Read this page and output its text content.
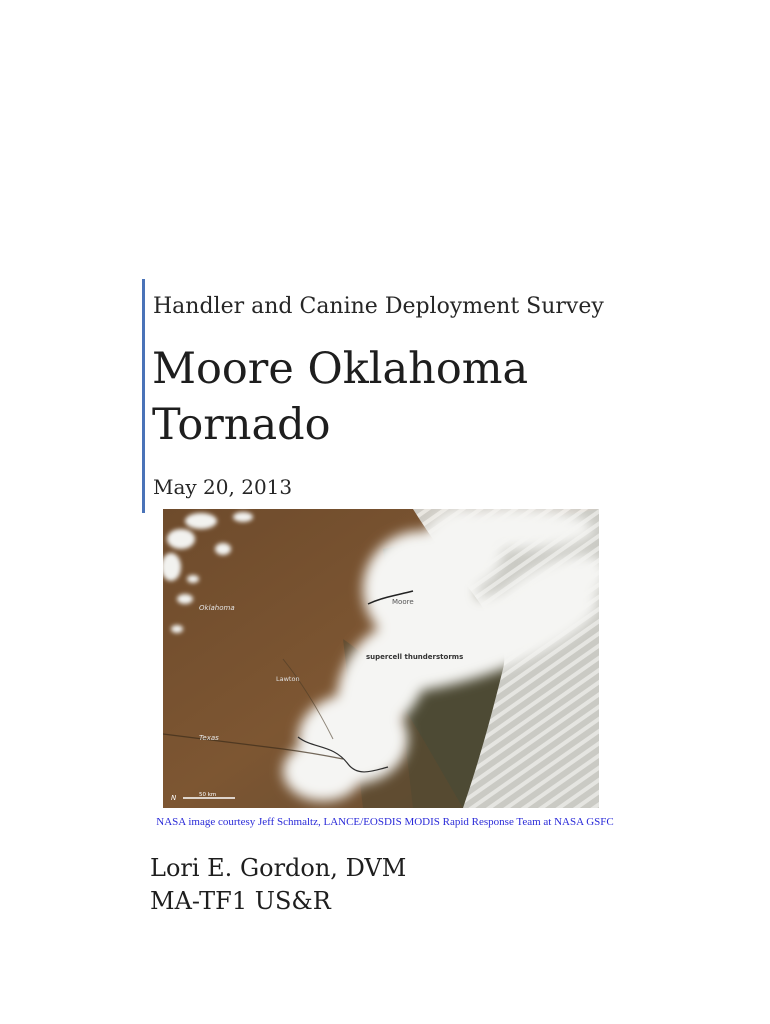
Handler and Canine Deployment Survey
Moore Oklahoma
Tornado
May 20, 2013
Oklahoma
Moore
supercell thunderstorms
Lawton
Texas
50 km
N
NASA image courtesy Jeff Schmaltz, LANCE/EOSDIS MODIS Rapid Response Team at NASA GSFC
Lori E. Gordon, DVM
MA-TF1 US&R
